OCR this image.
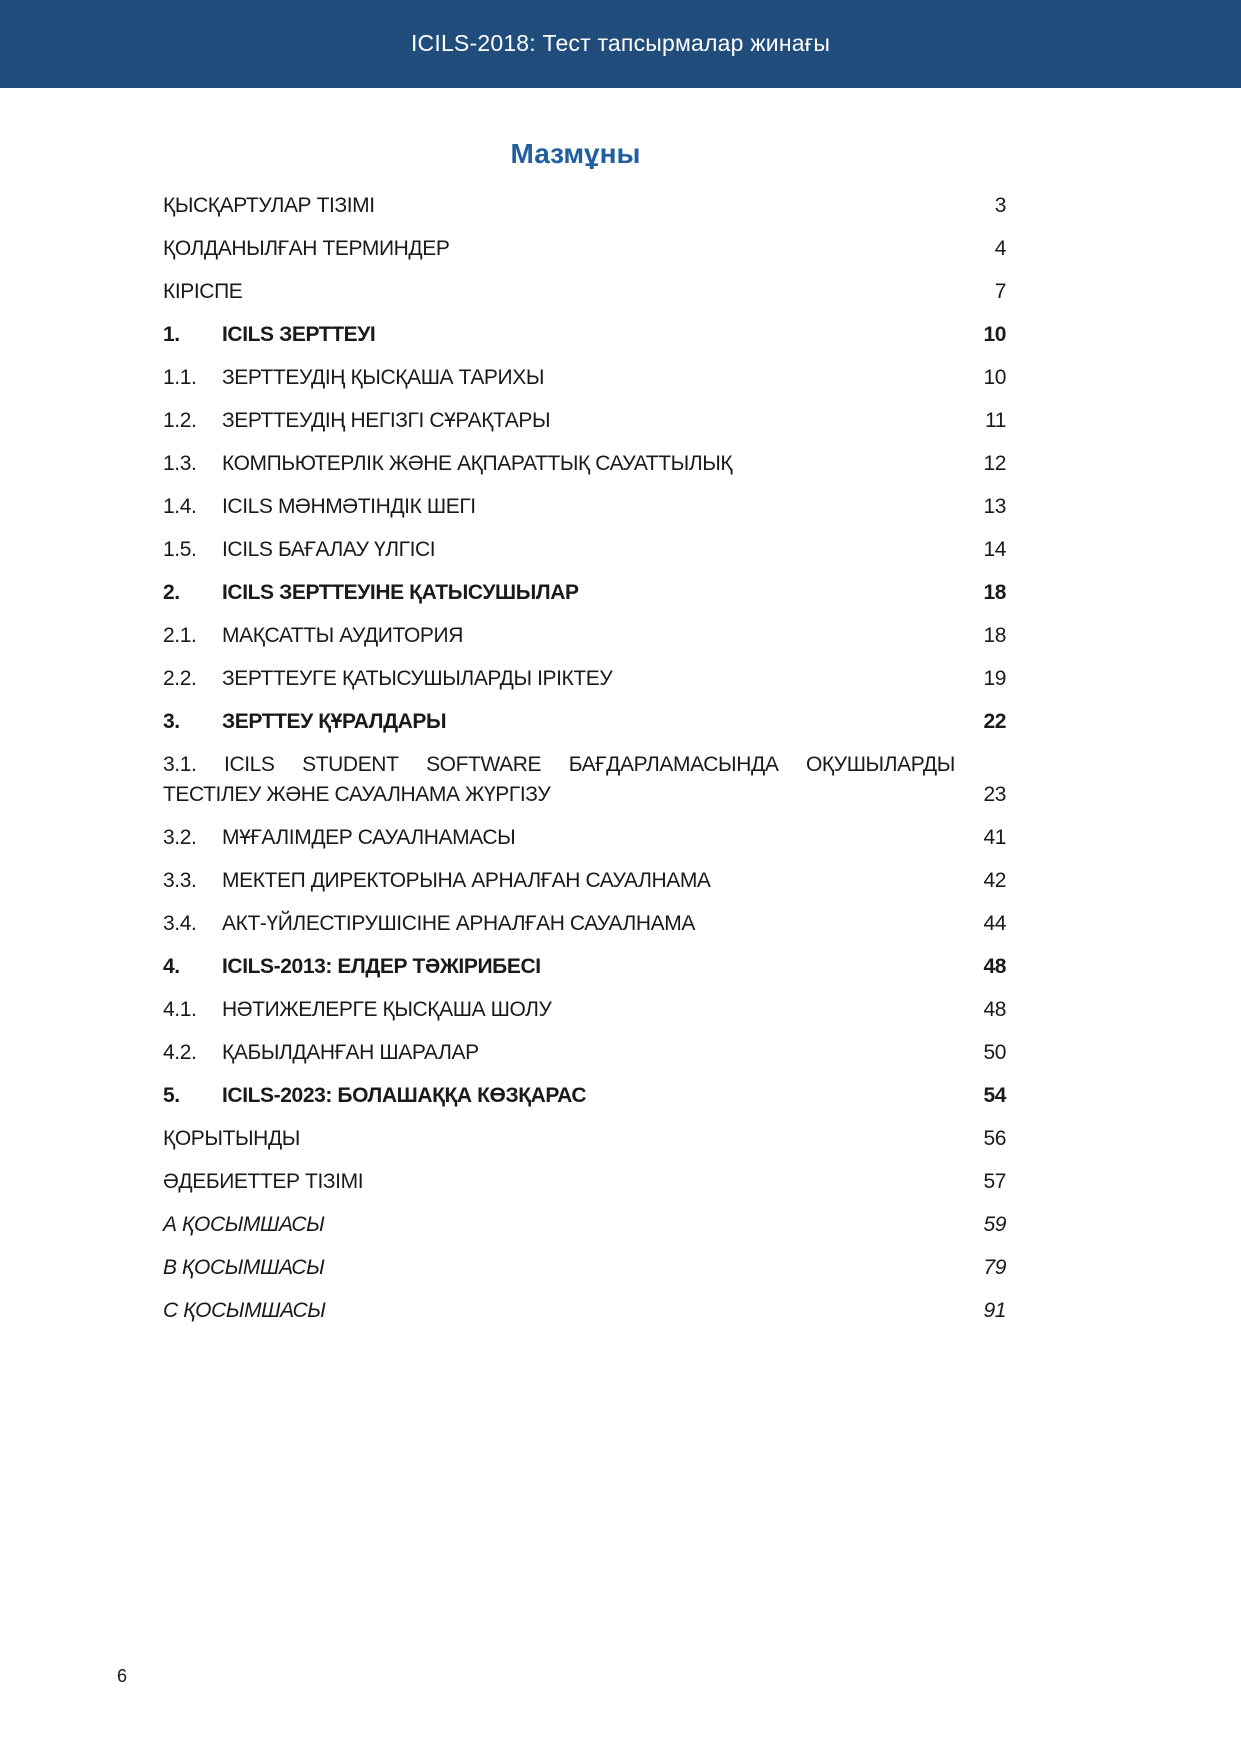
ICILS-2018: Тест тапсырмалар жинағы
Мазмұны
ҚЫСҚАРТУЛАР ТІЗІМІ	3
ҚОЛДАНЫЛҒАН ТЕРМИНДЕР	4
КІРІСПЕ	7
1. ICILS ЗЕРТТЕУІ	10
1.1. ЗЕРТТЕУДІҢ ҚЫСҚАША ТАРИХЫ	10
1.2. ЗЕРТТЕУДІҢ НЕГІЗГІ СҰРАҚТАРЫ	11
1.3. КОМПЬЮТЕРЛІК ЖӘНЕ АҚПАРАТТЫҚ САУАТТЫЛЫҚ	12
1.4. ICILS МӘНМӘТІНДІК ШЕГІ	13
1.5. ICILS БАҒАЛАУ ҮЛГІСІ	14
2. ICILS ЗЕРТТЕУІНЕ ҚАТЫСУШЫЛАР	18
2.1. МАҚСАТТЫ АУДИТОРИЯ	18
2.2. ЗЕРТТЕУГЕ ҚАТЫСУШЫЛАРДЫ ІРІКТЕУ	19
3. ЗЕРТТЕУ ҚҰРАЛДАРЫ	22
3.1. ICILS STUDENT SOFTWARE БАҒДАРЛАМАСЫНДА ОҚУШЫЛАРДЫ
ТЕСТІЛЕУ ЖӘНЕ САУАЛНАМА ЖҮРГІЗУ	23
3.2. МҰҒАЛІМДЕР САУАЛНАМАСЫ	41
3.3. МЕКТЕП ДИРЕКТОРЫНА АРНАЛҒАН САУАЛНАМА	42
3.4. АКТ-ҮЙЛЕСТІРУШІСІНЕ АРНАЛҒАН САУАЛНАМА	44
4. ICILS-2013: ЕЛДЕР ТӘЖІРИБЕСІ	48
4.1. НӘТИЖЕЛЕРГЕ ҚЫСҚАША ШОЛУ	48
4.2. ҚАБЫЛДАНҒАН ШАРАЛАР	50
5. ICILS-2023: БОЛАШАҚҚА КӨЗҚАРАС	54
ҚОРЫТЫНДЫ	56
ӘДЕБИЕТТЕР ТІЗІМІ	57
А ҚОСЫМШАСЫ	59
В ҚОСЫМШАСЫ	79
С ҚОСЫМШАСЫ	91
6
